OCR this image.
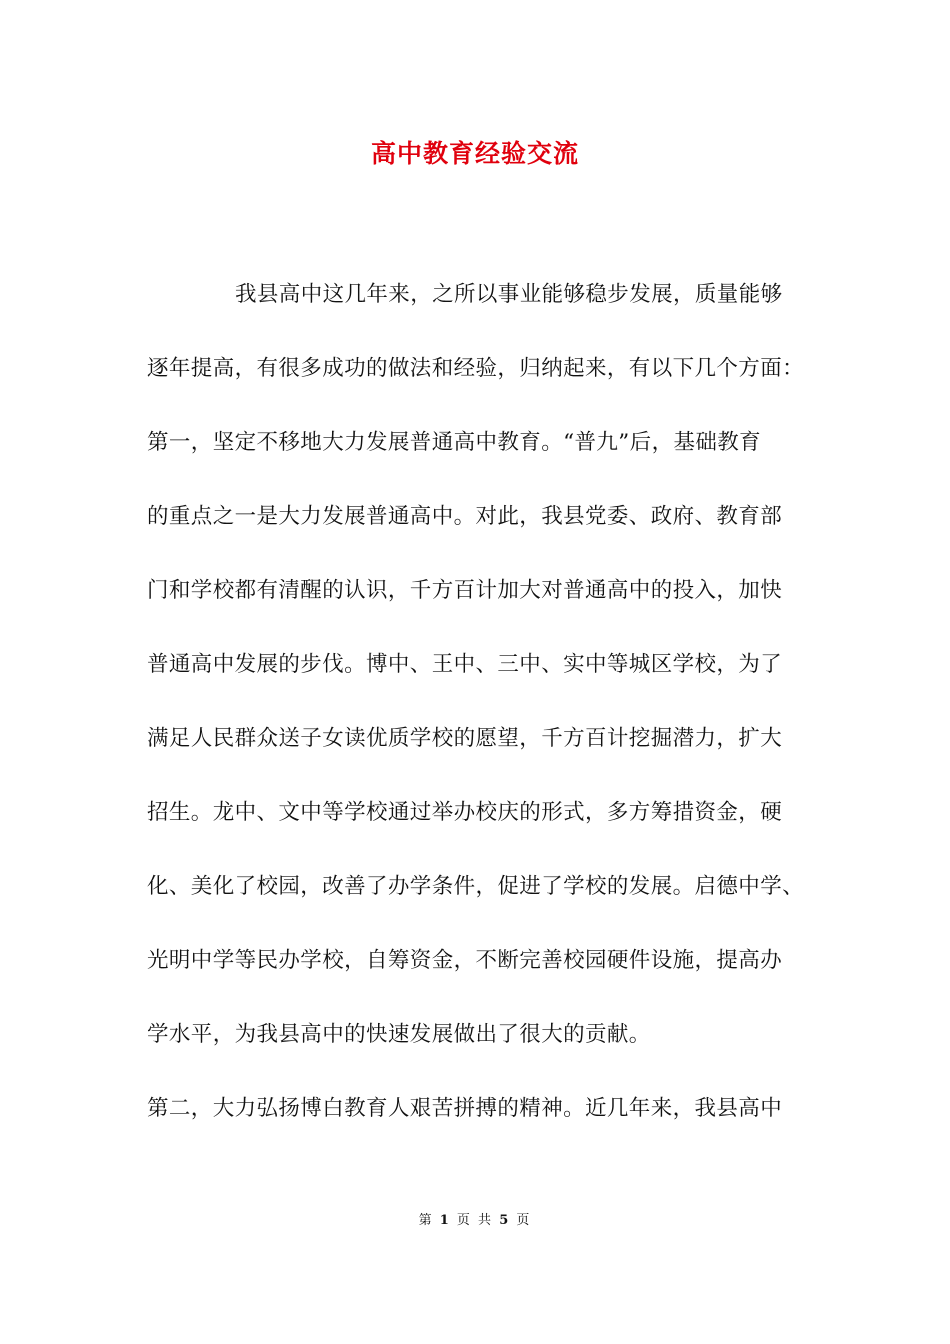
高中教育经验交流
我县高中这几年来，之所以事业能够稳步发展，质量能够
逐年提高，有很多成功的做法和经验，归纳起来，有以下几个方面：
第一，坚定不移地大力发展普通高中教育。“普九”后，基础教育
的重点之一是大力发展普通高中。对此，我县党委、政府、教育部
门和学校都有清醒的认识，千方百计加大对普通高中的投入，加快
普通高中发展的步伐。博中、王中、三中、实中等城区学校，为了
满足人民群众送子女读优质学校的愿望，千方百计挖掘潜力，扩大
招生。龙中、文中等学校通过举办校庆的形式，多方筹措资金，硬
化、美化了校园，改善了办学条件，促进了学校的发展。启德中学、
光明中学等民办学校，自筹资金，不断完善校园硬件设施，提高办
学水平，为我县高中的快速发展做出了很大的贡献。
第二，大力弘扬博白教育人艰苦拼搏的精神。近几年来，我县高中
第 1 页 共 5 页
